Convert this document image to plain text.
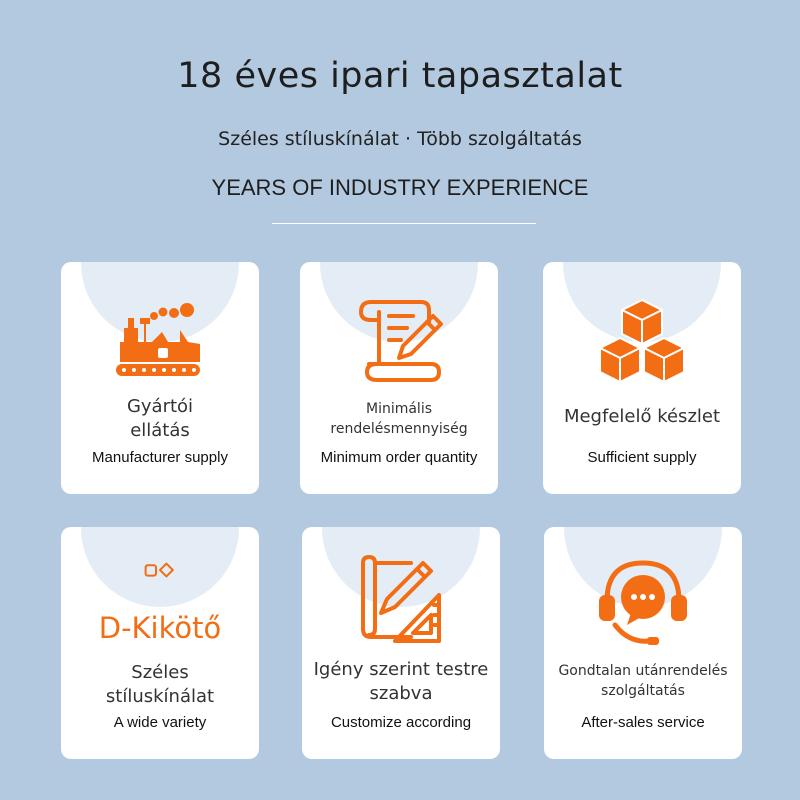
18 éves ipari tapasztalat
Széles stíluskínálat · Több szolgáltatás
YEARS OF INDUSTRY EXPERIENCE
Gyártói ellátás
Manufacturer supply
Minimális rendelésmennyiség
Minimum order quantity
Megfelelő készlet
Sufficient supply
D-Kikötő
Széles stíluskínálat
A wide variety
Igény szerint testre szabva
Customize according
Gondtalan utánrendelés szolgáltatás
After-sales service
